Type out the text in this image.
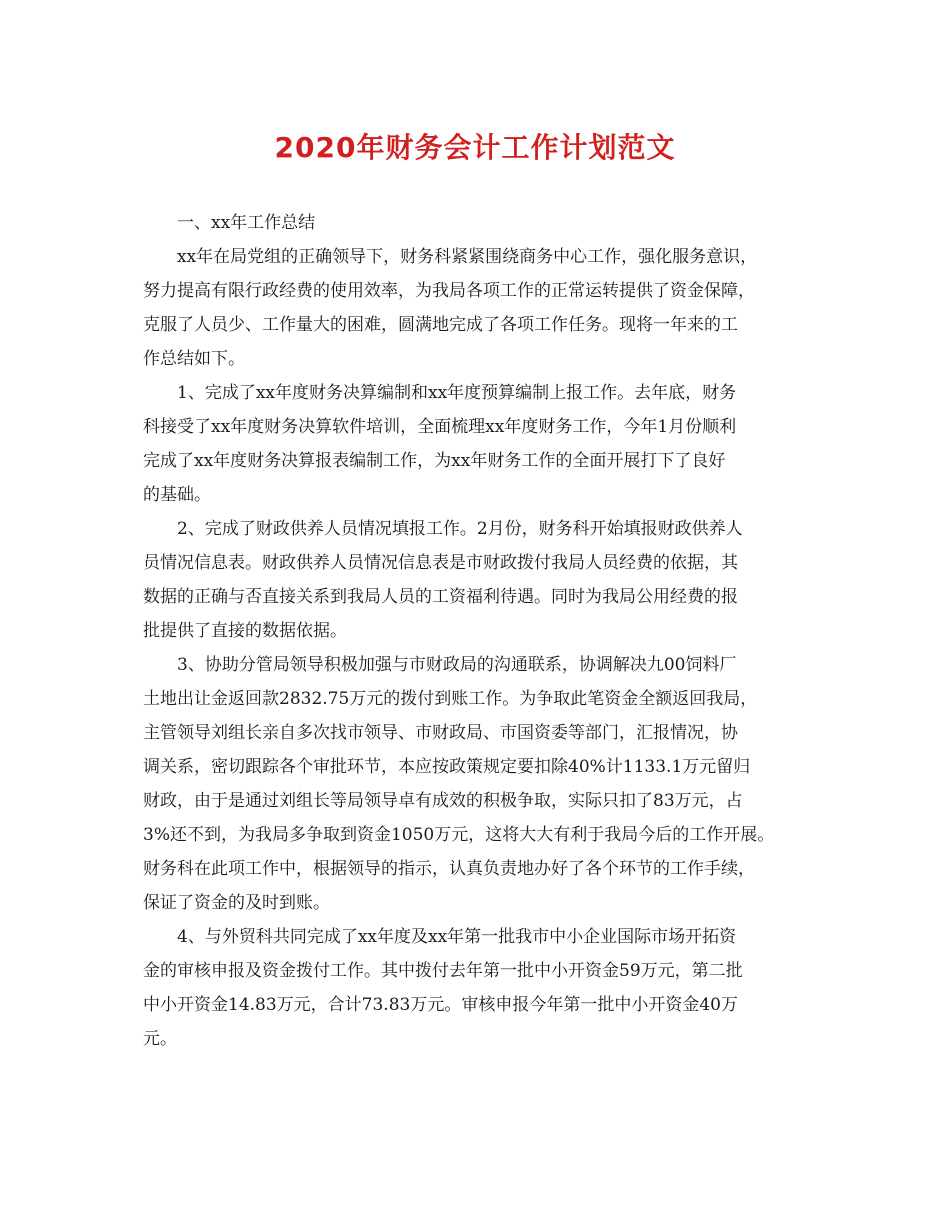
2020年财务会计工作计划范文
一、xx年工作总结
xx年在局党组的正确领导下，财务科紧紧围绕商务中心工作，强化服务意识，
努力提高有限行政经费的使用效率，为我局各项工作的正常运转提供了资金保障，
克服了人员少、工作量大的困难，圆满地完成了各项工作任务。现将一年来的工
作总结如下。
1、完成了xx年度财务决算编制和xx年度预算编制上报工作。去年底，财务
科接受了xx年度财务决算软件培训，全面梳理xx年度财务工作，今年1月份顺利
完成了xx年度财务决算报表编制工作，为xx年财务工作的全面开展打下了良好
的基础。
2、完成了财政供养人员情况填报工作。2月份，财务科开始填报财政供养人
员情况信息表。财政供养人员情况信息表是市财政拨付我局人员经费的依据，其
数据的正确与否直接关系到我局人员的工资福利待遇。同时为我局公用经费的报
批提供了直接的数据依据。
3、协助分管局领导积极加强与市财政局的沟通联系，协调解决九00饲料厂
土地出让金返回款2832.75万元的拨付到账工作。为争取此笔资金全额返回我局，
主管领导刘组长亲自多次找市领导、市财政局、市国资委等部门，汇报情况，协
调关系，密切跟踪各个审批环节，本应按政策规定要扣除40%计1133.1万元留归
财政，由于是通过刘组长等局领导卓有成效的积极争取，实际只扣了83万元，占
3%还不到，为我局多争取到资金1050万元，这将大大有利于我局今后的工作开展。
财务科在此项工作中，根据领导的指示，认真负责地办好了各个环节的工作手续，
保证了资金的及时到账。
4、与外贸科共同完成了xx年度及xx年第一批我市中小企业国际市场开拓资
金的审核申报及资金拨付工作。其中拨付去年第一批中小开资金59万元，第二批
中小开资金14.83万元，合计73.83万元。审核申报今年第一批中小开资金40万
元。
